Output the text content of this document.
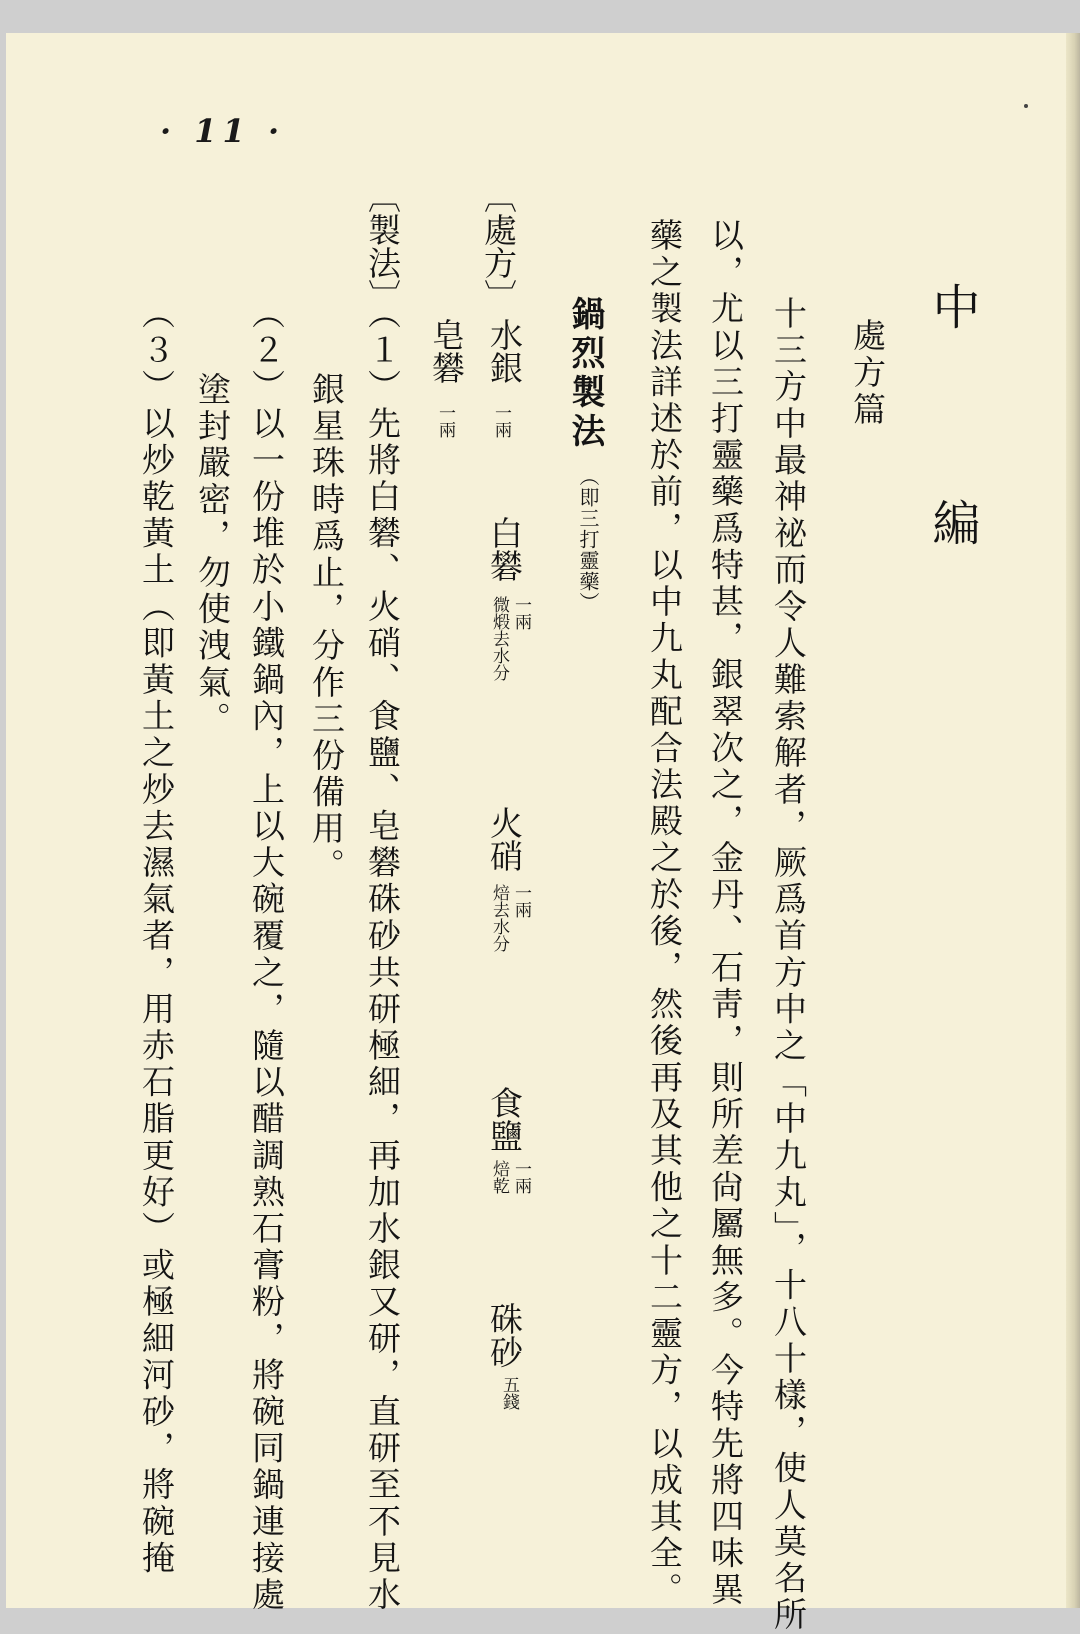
· 11 ·
中 編
處方篇
十三方中最神祕而令人難索解者，厥爲首方中之「中九丸」，十八十樣，使人莫名所
以，尤以三打靈藥爲特甚，銀翠次之，金丹、石靑，則所差尙屬無多。今特先將四味異
藥之製法詳述於前，以中九丸配合法殿之於後，然後再及其他之十二靈方，以成其全。
鍋烈製法
（即三打靈藥）
〔處方〕
水銀
一兩
白礬
一兩
微煅去水分
火硝
一兩
焙去水分
食鹽
一兩
焙乾
硃砂
五錢
皂礬
一兩
〔製法〕
（１）先將白礬、火硝、食鹽、皂礬硃砂共研極細，再加水銀又研，直研至不見水
銀星珠時爲止，分作三份備用。
（２）以一份堆於小鐵鍋內，上以大碗覆之，隨以醋調熟石膏粉，將碗同鍋連接處
塗封嚴密，勿使洩氣。
（３）以炒乾黃土（即黃土之炒去濕氣者，用赤石脂更好）或極細河砂，將碗掩
